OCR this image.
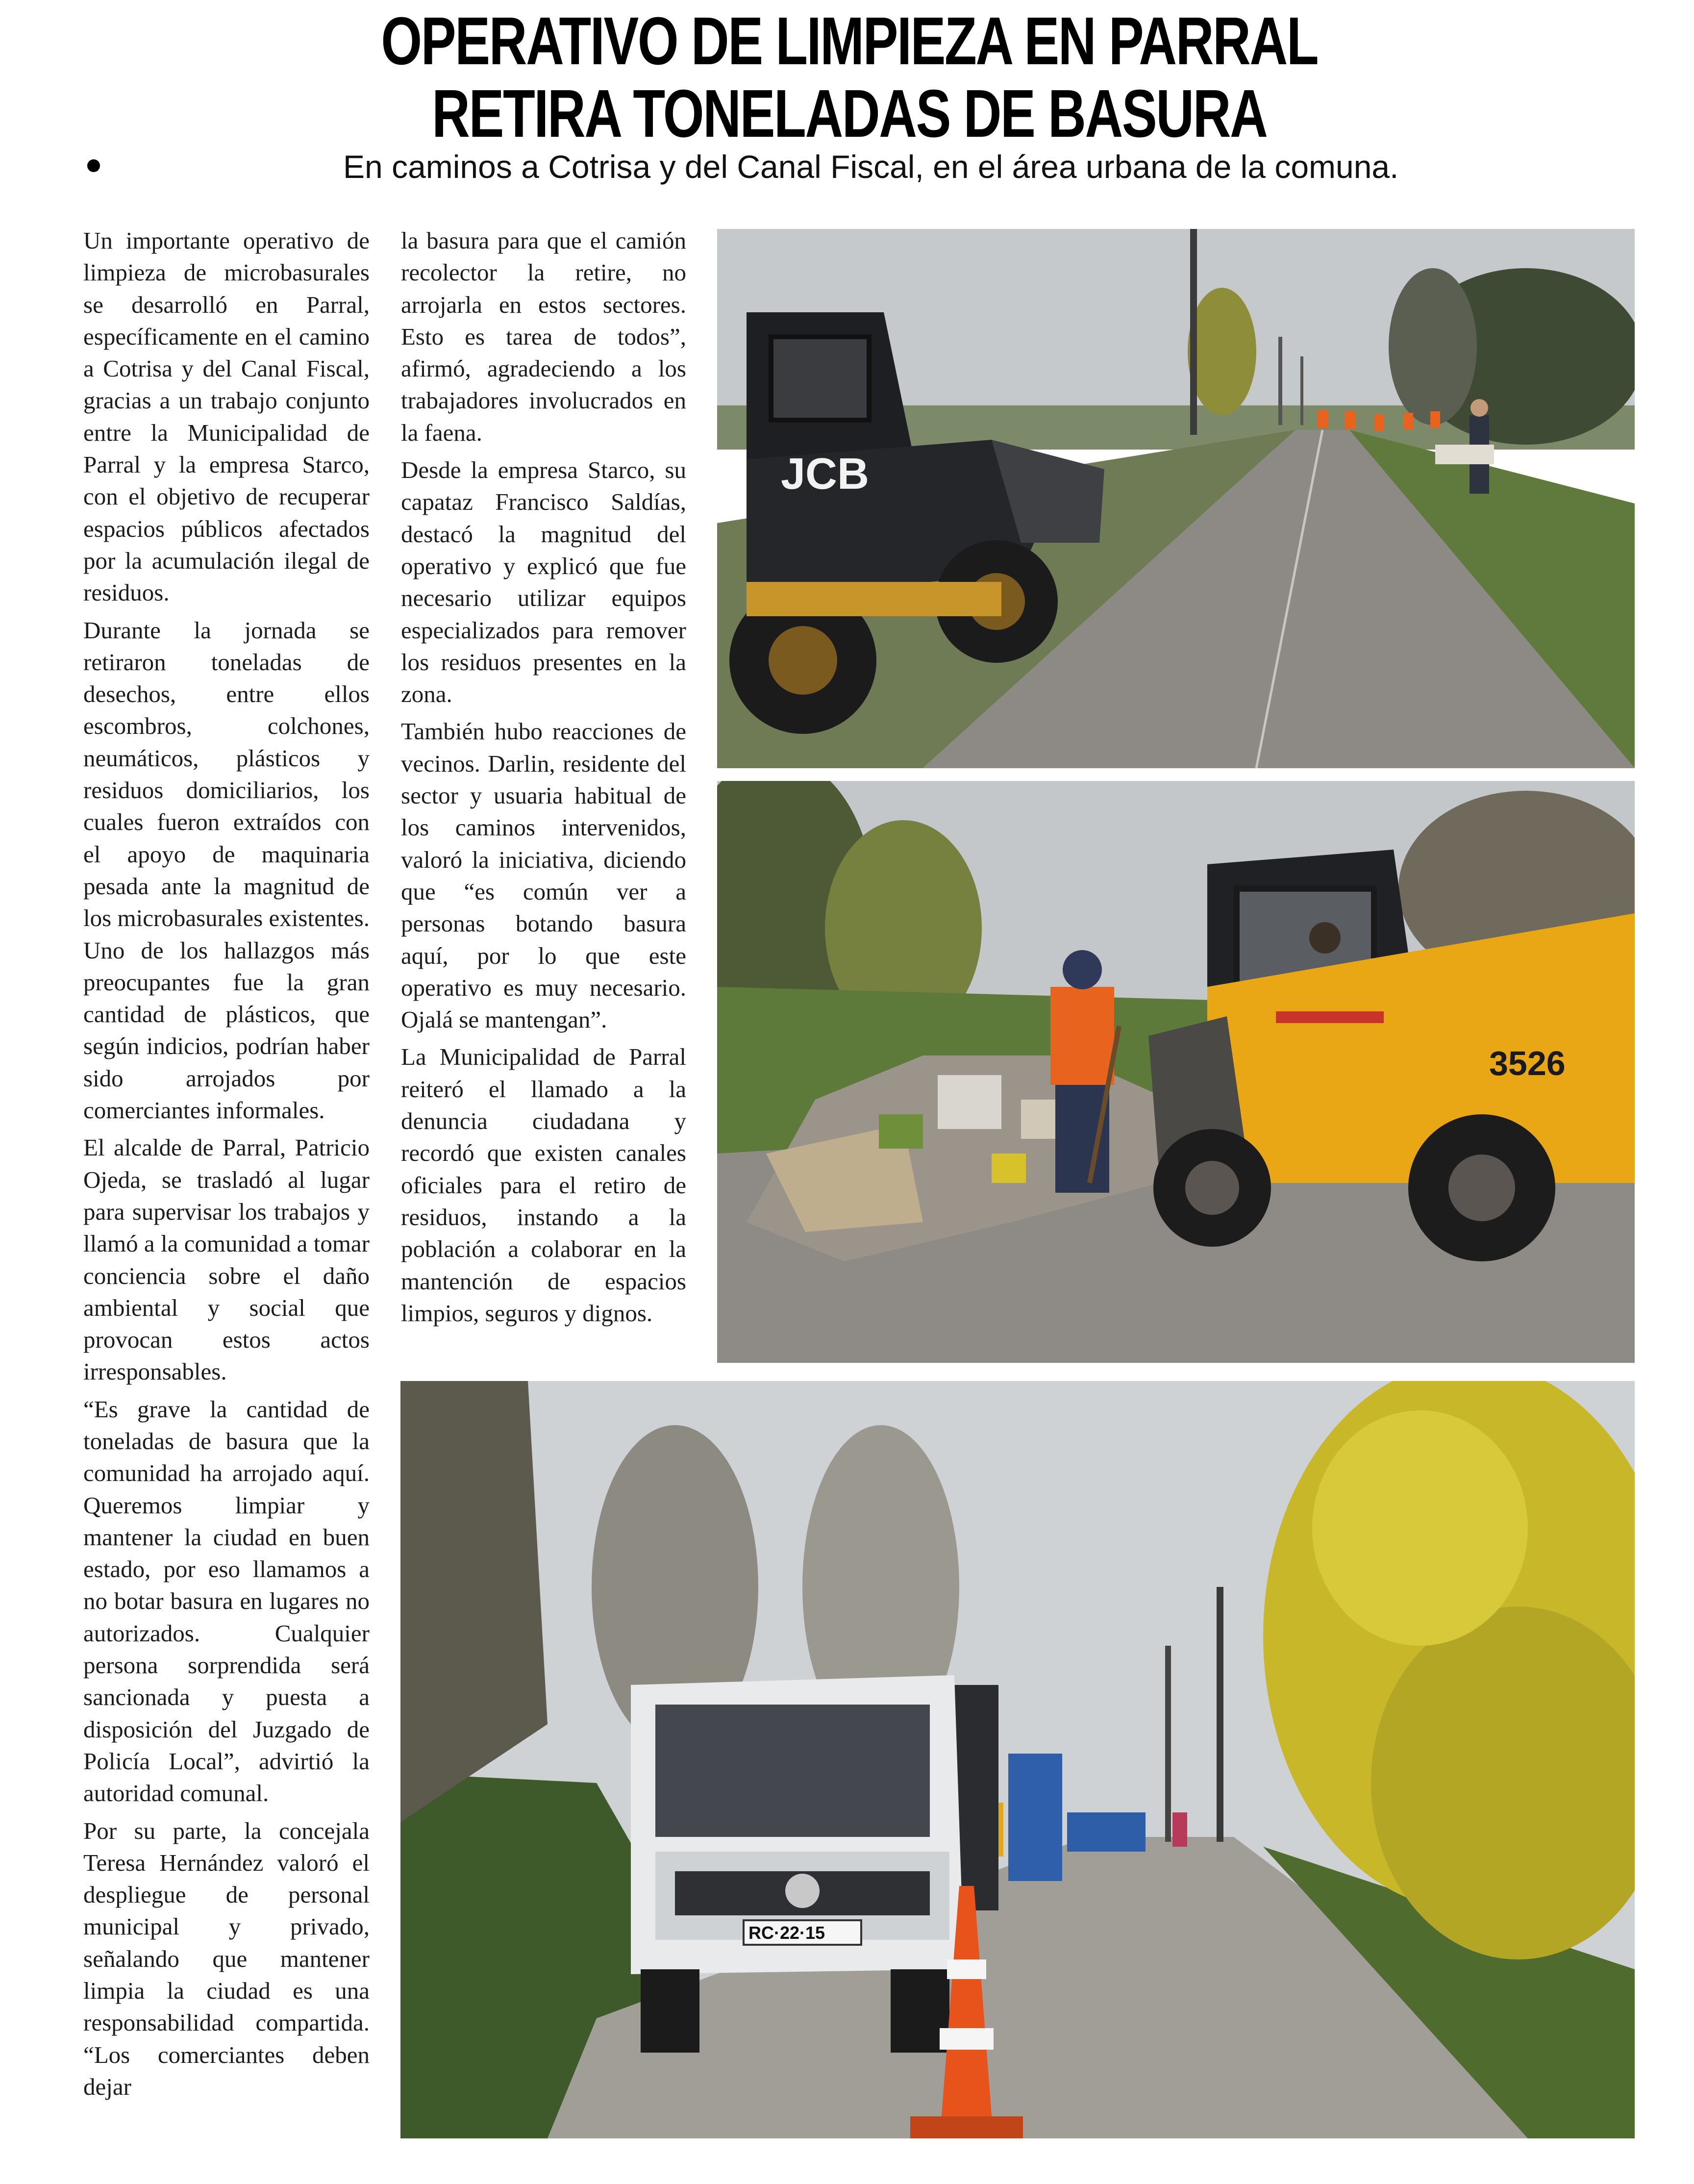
OPERATIVO DE LIMPIEZA EN PARRAL
RETIRA TONELADAS DE BASURA
En caminos a Cotrisa y del Canal Fiscal, en el área urbana de la comuna.

Un importante operativo de limpieza de microbasurales se desarrolló en Parral, específicamente en el camino a Cotrisa y del Canal Fiscal, gracias a un trabajo conjunto entre la Municipalidad de Parral y la empresa Starco, con el objetivo de recuperar espacios públicos afectados por la acumulación ilegal de residuos.

Durante la jornada se retiraron toneladas de desechos, entre ellos escombros, colchones, neumáticos, plásticos y residuos domiciliarios, los cuales fueron extraídos con el apoyo de maquinaria pesada ante la magnitud de los microbasurales existentes. Uno de los hallazgos más preocupantes fue la gran cantidad de plásticos, que según indicios, podrían haber sido arrojados por comerciantes informales.

El alcalde de Parral, Patricio Ojeda, se trasladó al lugar para supervisar los trabajos y llamó a la comunidad a tomar conciencia sobre el daño ambiental y social que provocan estos actos irresponsables.

“Es grave la cantidad de toneladas de basura que la comunidad ha arrojado aquí. Queremos limpiar y mantener la ciudad en buen estado, por eso llamamos a no botar basura en lugares no autorizados. Cualquier persona sorprendida será sancionada y puesta a disposición del Juzgado de Policía Local”, advirtió la autoridad comunal.

Por su parte, la concejala Teresa Hernández valoró el despliegue de personal municipal y privado, señalando que mantener limpia la ciudad es una responsabilidad compartida. “Los comerciantes deben dejar

la basura para que el camión recolector la retire, no arrojarla en estos sectores. Esto es tarea de todos”, afirmó, agradeciendo a los trabajadores involucrados en la faena.

Desde la empresa Starco, su capataz Francisco Saldías, destacó la magnitud del operativo y explicó que fue necesario utilizar equipos especializados para remover los residuos presentes en la zona.

También hubo reacciones de vecinos. Darlin, residente del sector y usuaria habitual de los caminos intervenidos, valoró la iniciativa, diciendo que “es común ver a personas botando basura aquí, por lo que este operativo es muy necesario. Ojalá se mantengan”.

La Municipalidad de Parral reiteró el llamado a la denuncia ciudadana y recordó que existen canales oficiales para el retiro de residuos, instando a la población a colaborar en la mantención de espacios limpios, seguros y dignos.

JCB
3526
RC·22·15
